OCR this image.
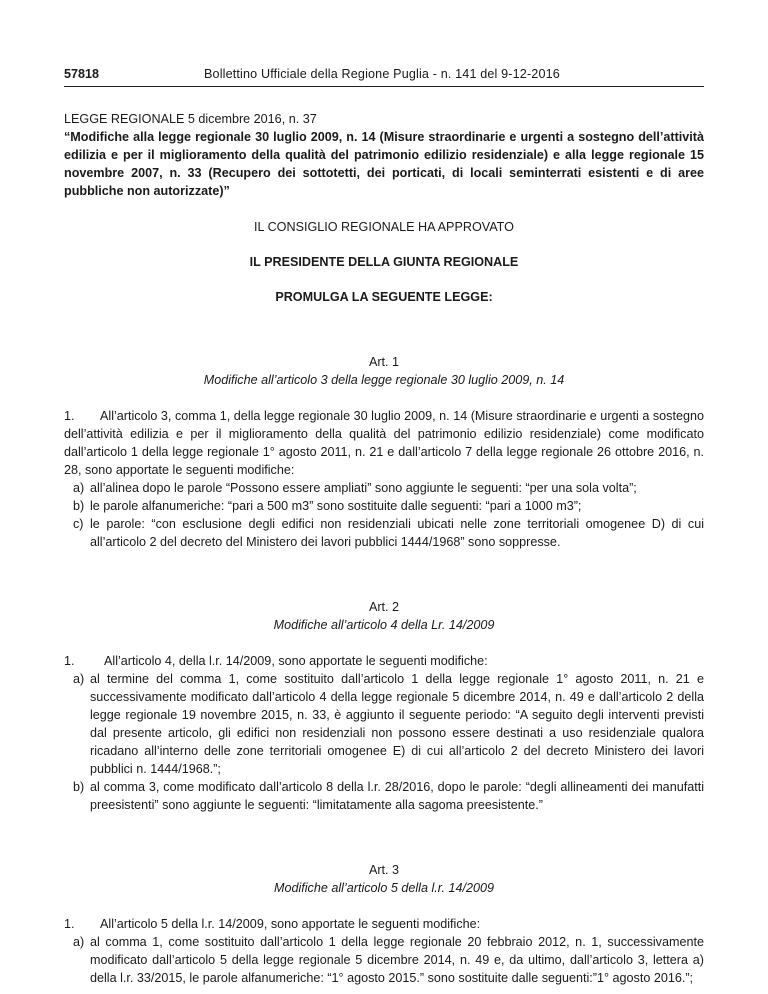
57818	Bollettino Ufficiale della Regione Puglia - n. 141 del 9-12-2016

LEGGE REGIONALE 5 dicembre 2016, n. 37

“Modifiche alla legge regionale 30 luglio 2009, n. 14 (Misure straordinarie e urgenti a sostegno dell’attività edilizia e per il miglioramento della qualità del patrimonio edilizio residenziale) e alla legge regionale 15 novembre 2007, n. 33 (Recupero dei sottotetti, dei porticati, di locali seminterrati esistenti e di aree pubbliche non autorizzate)”

IL CONSIGLIO REGIONALE HA APPROVATO

IL PRESIDENTE DELLA GIUNTA REGIONALE

PROMULGA LA SEGUENTE LEGGE:

Art. 1

Modifiche all’articolo 3 della legge regionale 30 luglio 2009, n. 14

1. All’articolo 3, comma 1, della legge regionale 30 luglio 2009, n. 14 (Misure straordinarie e urgenti a sostegno dell’attività edilizia e per il miglioramento della qualità del patrimonio edilizio residenziale) come modificato dall’articolo 1 della legge regionale 1° agosto 2011, n. 21 e dall’articolo 7 della legge regionale 26 ottobre 2016, n. 28, sono apportate le seguenti modifiche:

a) all’alinea dopo le parole “Possono essere ampliati” sono aggiunte le seguenti: “per una sola volta”;
b) le parole alfanumeriche: “pari a 500 m3” sono sostituite dalle seguenti: “pari a 1000 m3”;
c) le parole: “con esclusione degli edifici non residenziali ubicati nelle zone territoriali omogenee D) di cui all’articolo 2 del decreto del Ministero dei lavori pubblici 1444/1968” sono soppresse.

Art. 2

Modifiche all’articolo 4 della Lr. 14/2009

1. All’articolo 4, della l.r. 14/2009, sono apportate le seguenti modifiche:

a) al termine del comma 1, come sostituito dall’articolo 1 della legge regionale 1° agosto 2011, n. 21 e successivamente modificato dall’articolo 4 della legge regionale 5 dicembre 2014, n. 49 e dall’articolo 2 della legge regionale 19 novembre 2015, n. 33, è aggiunto il seguente periodo: “A seguito degli interventi previsti dal presente articolo, gli edifici non residenziali non possono essere destinati a uso residenziale qualora ricadano all’interno delle zone territoriali omogenee E) di cui all’articolo 2 del decreto Ministero dei lavori pubblici n. 1444/1968.”;
b) al comma 3, come modificato dall’articolo 8 della l.r. 28/2016, dopo le parole: “degli allineamenti dei manufatti preesistenti” sono aggiunte le seguenti: “limitatamente alla sagoma preesistente.”

Art. 3

Modifiche all’articolo 5 della l.r. 14/2009

1. All’articolo 5 della l.r. 14/2009, sono apportate le seguenti modifiche:

a) al comma 1, come sostituito dall’articolo 1 della legge regionale 20 febbraio 2012, n. 1, successivamente modificato dall’articolo 5 della legge regionale 5 dicembre 2014, n. 49 e, da ultimo, dall’articolo 3, lettera a) della l.r. 33/2015, le parole alfanumeriche: “1° agosto 2015.” sono sostituite dalle seguenti:”1° agosto 2016.”;
